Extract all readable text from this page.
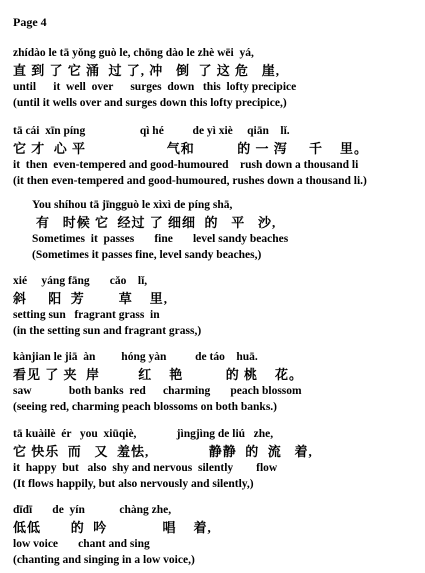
Page 4
zhídào le tā yǒng guò le, chōng dào le zhè wēi  yá,
直 到 了 它 涌  过 了, 冲   倒  了 这 危   崖,
until      it  well  over      surges  down   this  lofty precipice
(until it wells over and surges down this lofty precipice,)
tā cái  xīn píng                   qì hé          de yì xiè     qiān    lǐ.
它 才  心 平                   气和          的 一 泻     千    里。
it  then  even-tempered and good-humoured    rush down a thousand li
(it then even-tempered and good-humoured, rushes down a thousand li.)
You shíhou tā jīngguò le xìxì de píng shā,
有   时候 它  经过 了 细细  的   平   沙,
Sometimes  it  passes       fine       level sandy beaches
(Sometimes it passes fine, level sandy beaches,)
xié     yáng fāng       cǎo    lǐ,
斜     阳  芳        草    里,
setting sun   fragrant grass  in
(in the setting sun and fragrant grass,)
kànjian le jiā  àn         hóng yàn          de táo    huā.
看见 了 夹  岸         红    艳          的 桃    花。
saw             both banks  red      charming       peach blossom
(seeing red, charming peach blossoms on both banks.)
tā kuàilè  ér   you  xiūqiè,              jìngjìng de liú   zhe,
它 快乐  而   又  羞怯,              静静  的  流   着,
it  happy  but   also  shy and nervous  silently        flow
(It flows happily, but also nervously and silently,)
dīdī       de  yín            chàng zhe,
低低       的  吟             唱    着,
low voice       chant and sing
(chanting and singing in a low voice,)
